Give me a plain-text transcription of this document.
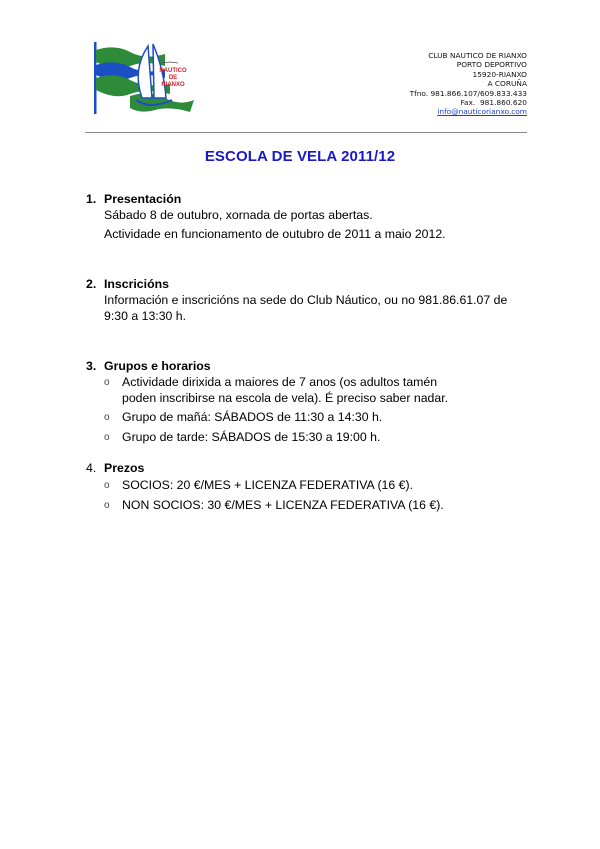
NAUTICO
DE
RIANXO
CLUB NAUTICO DE RIANXO
PORTO DEPORTIVO
15920-RIANXO
A CORUÑA
Tfno. 981.866.107/609.833.433
Fax.  981.860.620
info@nauticorianxo.com
ESCOLA DE VELA 2011/12
1. Presentación
Sábado 8 de outubro, xornada de portas abertas.
Actividade en funcionamento de outubro de 2011 a maio 2012.
2. Inscricións
Información e inscricións na sede do Club Náutico, ou no 981.86.61.07 de 9:30 a 13:30 h.
3. Grupos e horarios
o	Actividade dirixida a maiores de 7 anos (os adultos tamén poden inscribirse na escola de vela). É preciso saber nadar.
o	Grupo de mañá: SÁBADOS de 11:30 a 14:30 h.
o	Grupo de tarde: SÁBADOS de 15:30 a 19:00 h.
4. Prezos
o	SOCIOS: 20 €/MES + LICENZA FEDERATIVA (16 €).
o	NON SOCIOS: 30 €/MES + LICENZA FEDERATIVA (16 €).
